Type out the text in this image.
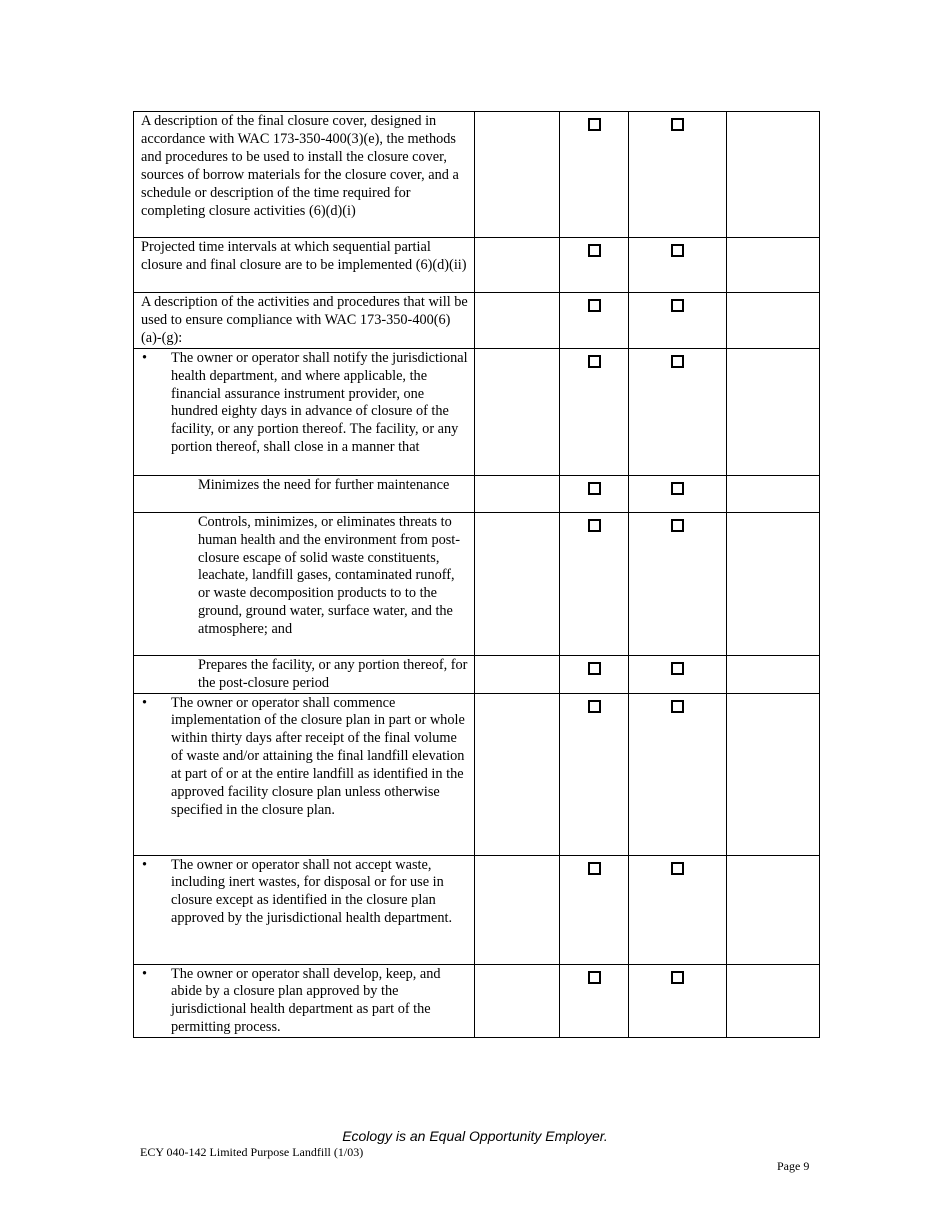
A description of the final closure cover, designed in accordance with WAC 173-350-400(3)(e), the methods and procedures to be used to install the closure cover, sources of borrow materials for the closure cover, and a schedule or description of the time required for completing closure activities (6)(d)(i)				
Projected time intervals at which sequential partial closure and final closure are to be implemented (6)(d)(ii)				
A description of the activities and procedures that will be used to ensure compliance with WAC 173-350-400(6) (a)-(g):				

• The owner or operator shall notify the jurisdictional health department, and where applicable, the financial assurance instrument provider, one hundred eighty days in advance of closure of the facility, or any portion thereof. The facility, or any portion thereof, shall close in a manner that				

Minimizes the need for further maintenance				

Controls, minimizes, or eliminates threats to human health and the environment from post-closure escape of solid waste constituents, leachate, landfill gases, contaminated runoff, or waste decomposition products to to the ground, ground water, surface water, and the atmosphere; and				

Prepares the facility, or any portion thereof, for the post-closure period				

• The owner or operator shall commence implementation of the closure plan in part or whole within thirty days after receipt of the final volume of waste and/or attaining the final landfill elevation at part of or at the entire landfill as identified in the approved facility closure plan unless otherwise specified in the closure plan.				

• The owner or operator shall not accept waste, including inert wastes, for disposal or for use in closure except as identified in the closure plan approved by the jurisdictional health department.				

• The owner or operator shall develop, keep, and abide by a closure plan approved by the jurisdictional health department as part of the permitting process.				

Ecology is an Equal Opportunity Employer.
ECY 040-142 Limited Purpose Landfill (1/03)
Page 9
